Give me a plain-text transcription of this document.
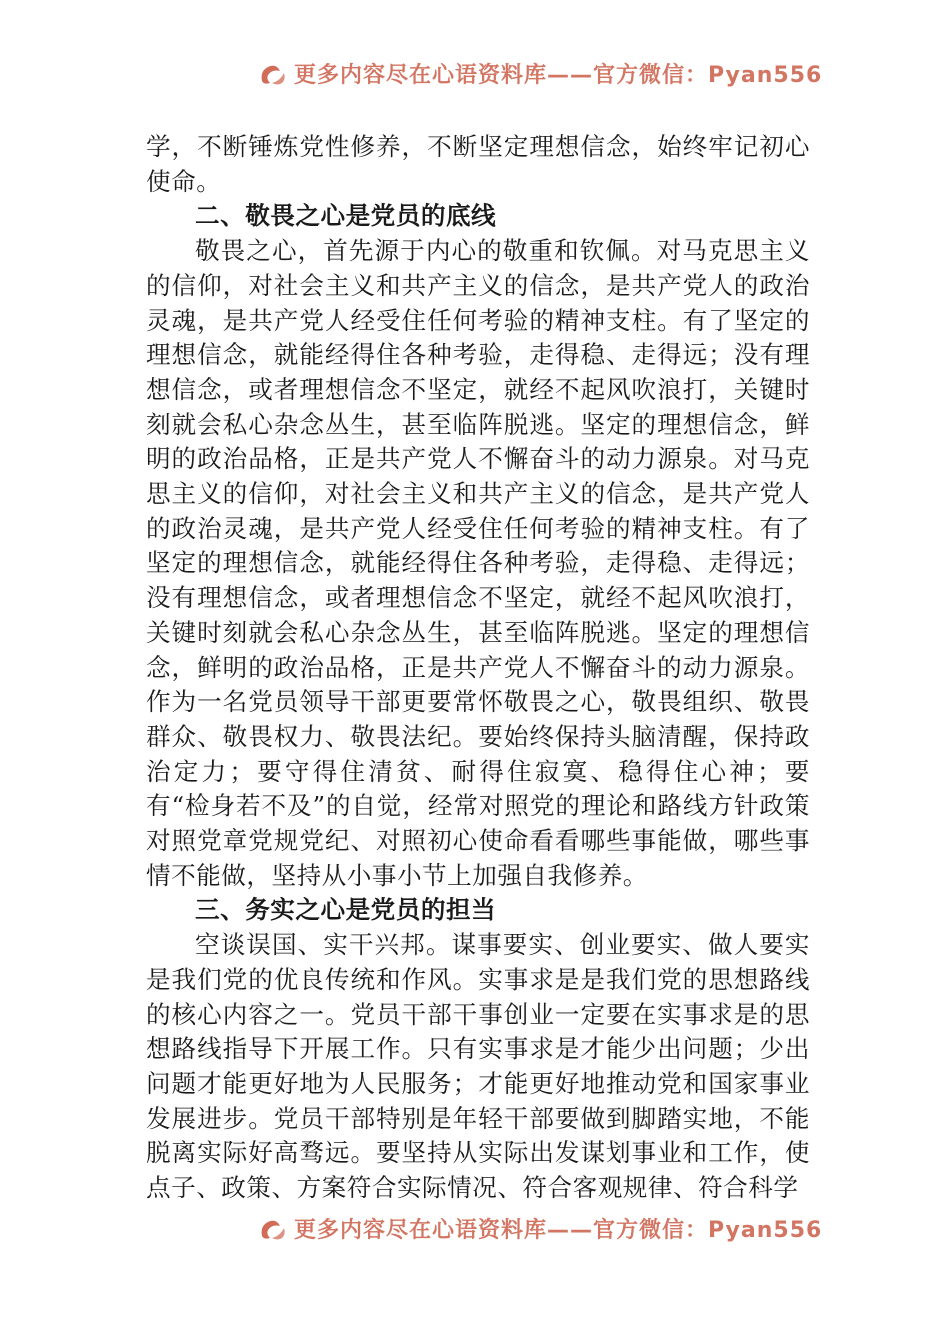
更多内容尽在心语资料库——官方微信：Pyan556

学，不断锤炼党性修养，不断坚定理想信念，始终牢记初心使命。

二、敬畏之心是党员的底线

敬畏之心，首先源于内心的敬重和钦佩。对马克思主义的信仰，对社会主义和共产主义的信念，是共产党人的政治灵魂，是共产党人经受住任何考验的精神支柱。有了坚定的理想信念，就能经得住各种考验，走得稳、走得远；没有理想信念，或者理想信念不坚定，就经不起风吹浪打，关键时刻就会私心杂念丛生，甚至临阵脱逃。坚定的理想信念，鲜明的政治品格，正是共产党人不懈奋斗的动力源泉。对马克思主义的信仰，对社会主义和共产主义的信念，是共产党人的政治灵魂，是共产党人经受住任何考验的精神支柱。有了坚定的理想信念，就能经得住各种考验，走得稳、走得远；没有理想信念，或者理想信念不坚定，就经不起风吹浪打，关键时刻就会私心杂念丛生，甚至临阵脱逃。坚定的理想信念，鲜明的政治品格，正是共产党人不懈奋斗的动力源泉。作为一名党员领导干部更要常怀敬畏之心，敬畏组织、敬畏群众、敬畏权力、敬畏法纪。要始终保持头脑清醒，保持政治定力；要守得住清贫、耐得住寂寞、稳得住心神；要有“检身若不及”的自觉，经常对照党的理论和路线方针政策对照党章党规党纪、对照初心使命看看哪些事能做，哪些事情不能做，坚持从小事小节上加强自我修养。

三、务实之心是党员的担当

空谈误国、实干兴邦。谋事要实、创业要实、做人要实是我们党的优良传统和作风。实事求是是我们党的思想路线的核心内容之一。党员干部干事创业一定要在实事求是的思想路线指导下开展工作。只有实事求是才能少出问题；少出问题才能更好地为人民服务；才能更好地推动党和国家事业发展进步。党员干部特别是年轻干部要做到脚踏实地，不能脱离实际好高骛远。要坚持从实际出发谋划事业和工作，使点子、政策、方案符合实际情况、符合客观规律、符合科学

更多内容尽在心语资料库——官方微信：Pyan556
